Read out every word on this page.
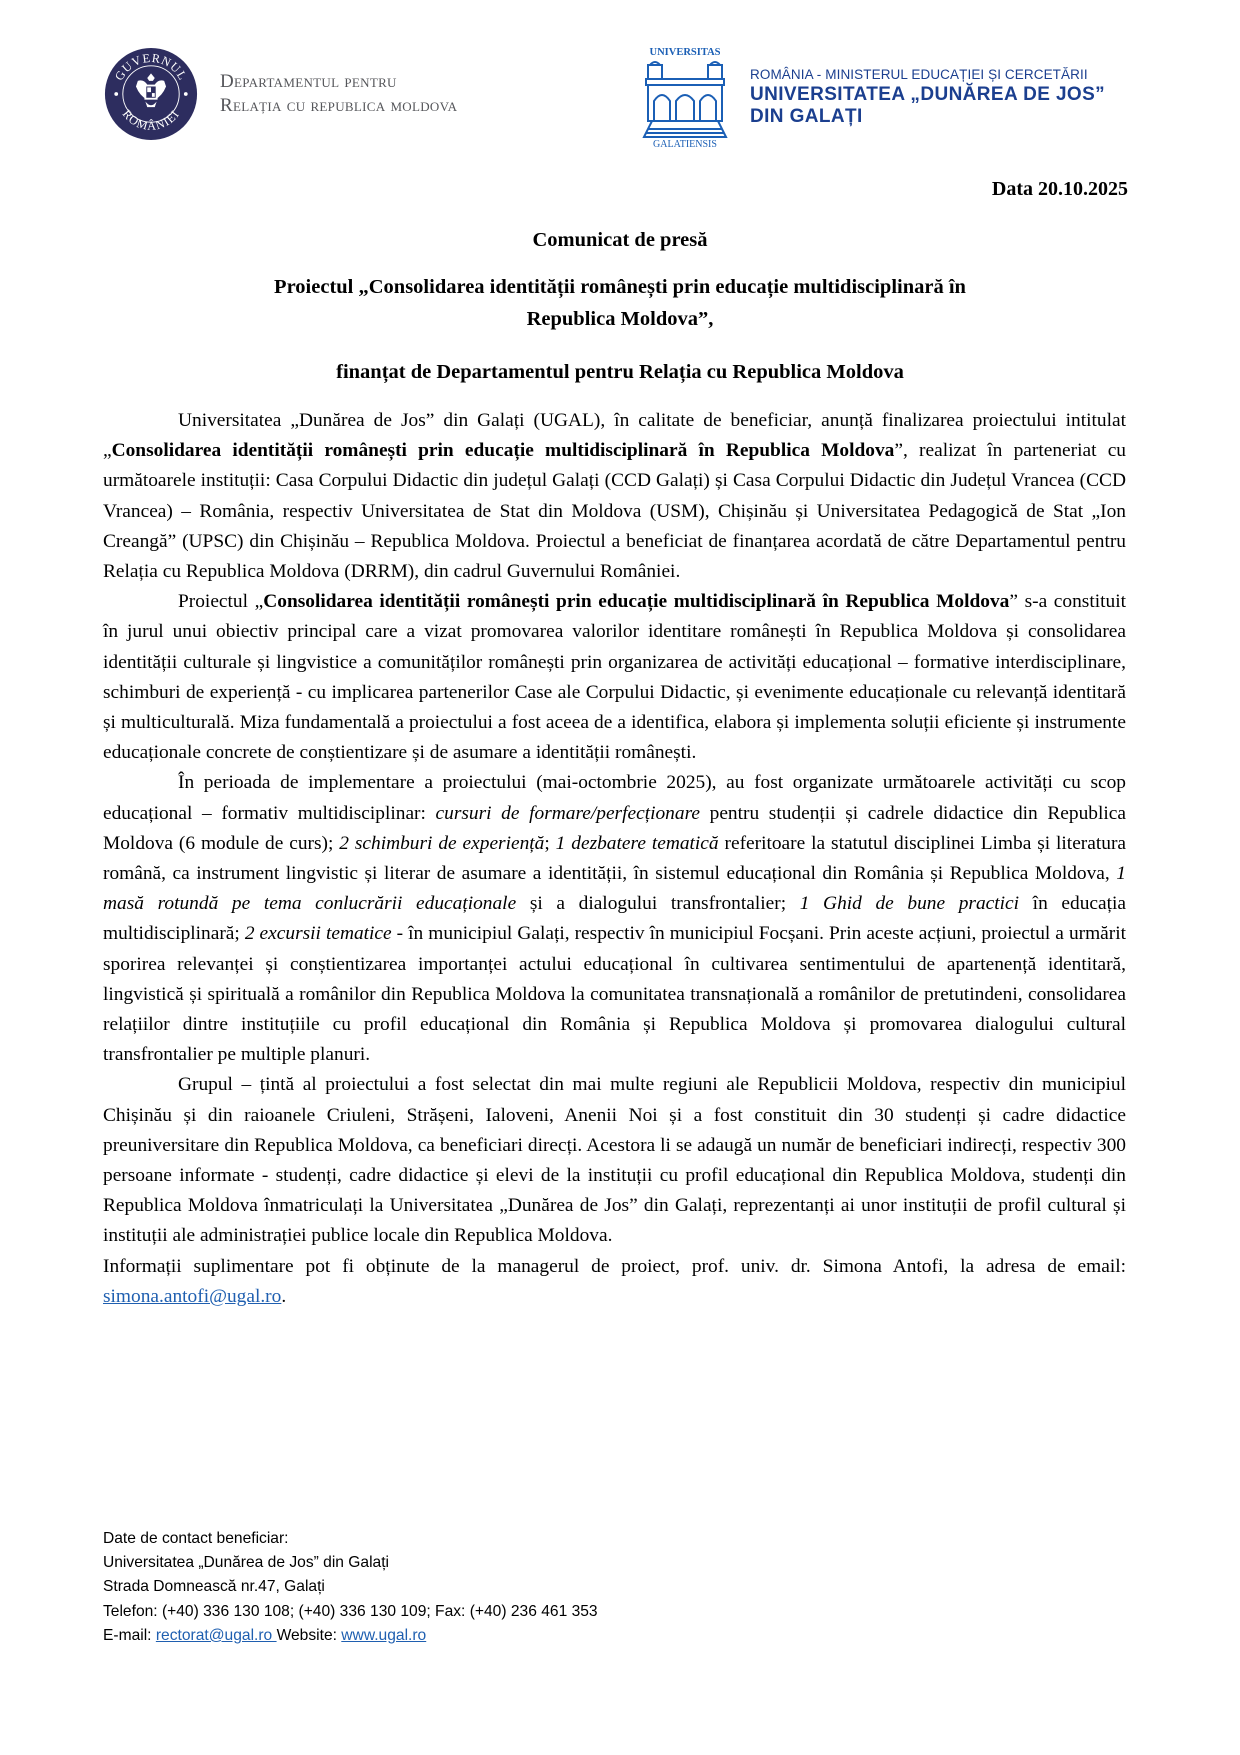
GUVERNUL
ROMÂNIEI
Departamentul pentru
Relația cu republica moldova
UNIVERSITAS
GALATIENSIS
ROMÂNIA - MINISTERUL EDUCAȚIEI ȘI CERCETĂRII
UNIVERSITATEA „DUNĂREA DE JOS”
DIN GALAȚI
Data 20.10.2025
Comunicat de presă
Proiectul „Consolidarea identității românești prin educație multidisciplinară în
Republica Moldova”,
finanțat de Departamentul pentru Relația cu Republica Moldova

Universitatea „Dunărea de Jos” din Galați (UGAL), în calitate de beneficiar, anunță finalizarea proiectului intitulat „Consolidarea identității românești prin educație multidisciplinară în Republica Moldova”, realizat în parteneriat cu următoarele instituții: Casa Corpului Didactic din județul Galați (CCD Galați) și Casa Corpului Didactic din Județul Vrancea (CCD Vrancea) – România, respectiv Universitatea de Stat din Moldova (USM), Chișinău și Universitatea Pedagogică de Stat „Ion Creangă” (UPSC) din Chișinău – Republica Moldova. Proiectul a beneficiat de finanțarea acordată de către Departamentul pentru Relația cu Republica Moldova (DRRM), din cadrul Guvernului României.

Proiectul „Consolidarea identității românești prin educație multidisciplinară în Republica Moldova” s-a constituit în jurul unui obiectiv principal care a vizat promovarea valorilor identitare românești în Republica Moldova și consolidarea identității culturale și lingvistice a comunităților românești prin organizarea de activități educațional – formative interdisciplinare, schimburi de experiență - cu implicarea partenerilor Case ale Corpului Didactic, și evenimente educaționale cu relevanță identitară și multiculturală. Miza fundamentală a proiectului a fost aceea de a identifica, elabora și implementa soluții eficiente și instrumente educaționale concrete de conștientizare și de asumare a identității românești.

În perioada de implementare a proiectului (mai-octombrie 2025), au fost organizate următoarele activități cu scop educațional – formativ multidisciplinar: cursuri de formare/perfecționare pentru studenții și cadrele didactice din Republica Moldova (6 module de curs); 2 schimburi de experiență; 1 dezbatere tematică referitoare la statutul disciplinei Limba și literatura română, ca instrument lingvistic și literar de asumare a identității, în sistemul educațional din România și Republica Moldova, 1 masă rotundă pe tema conlucrării educaționale și a dialogului transfrontalier; 1 Ghid de bune practici în educația multidisciplinară; 2 excursii tematice - în municipiul Galați, respectiv în municipiul Focșani. Prin aceste acțiuni, proiectul a urmărit sporirea relevanței și conștientizarea importanței actului educațional în cultivarea sentimentului de apartenență identitară, lingvistică și spirituală a românilor din Republica Moldova la comunitatea transnațională a românilor de pretutindeni, consolidarea relațiilor dintre instituțiile cu profil educațional din România și Republica Moldova și promovarea dialogului cultural transfrontalier pe multiple planuri.

Grupul – țintă al proiectului a fost selectat din mai multe regiuni ale Republicii Moldova, respectiv din municipiul Chișinău și din raioanele Criuleni, Strășeni, Ialoveni, Anenii Noi și a fost constituit din 30 studenți și cadre didactice preuniversitare din Republica Moldova, ca beneficiari direcți. Acestora li se adaugă un număr de beneficiari indirecți, respectiv 300 persoane informate - studenți, cadre didactice și elevi de la instituții cu profil educațional din Republica Moldova, studenți din Republica Moldova înmatriculați la Universitatea „Dunărea de Jos” din Galați, reprezentanți ai unor instituții de profil cultural și instituții ale administrației publice locale din Republica Moldova.

Informații suplimentare pot fi obținute de la managerul de proiect, prof. univ. dr. Simona Antofi, la adresa de email: simona.antofi@ugal.ro.

Date de contact beneficiar:
Universitatea „Dunărea de Jos” din Galați
Strada Domnească nr.47, Galați
Telefon: (+40) 336 130 108; (+40) 336 130 109; Fax: (+40) 236 461 353
E-mail: rectorat@ugal.ro Website: www.ugal.ro
